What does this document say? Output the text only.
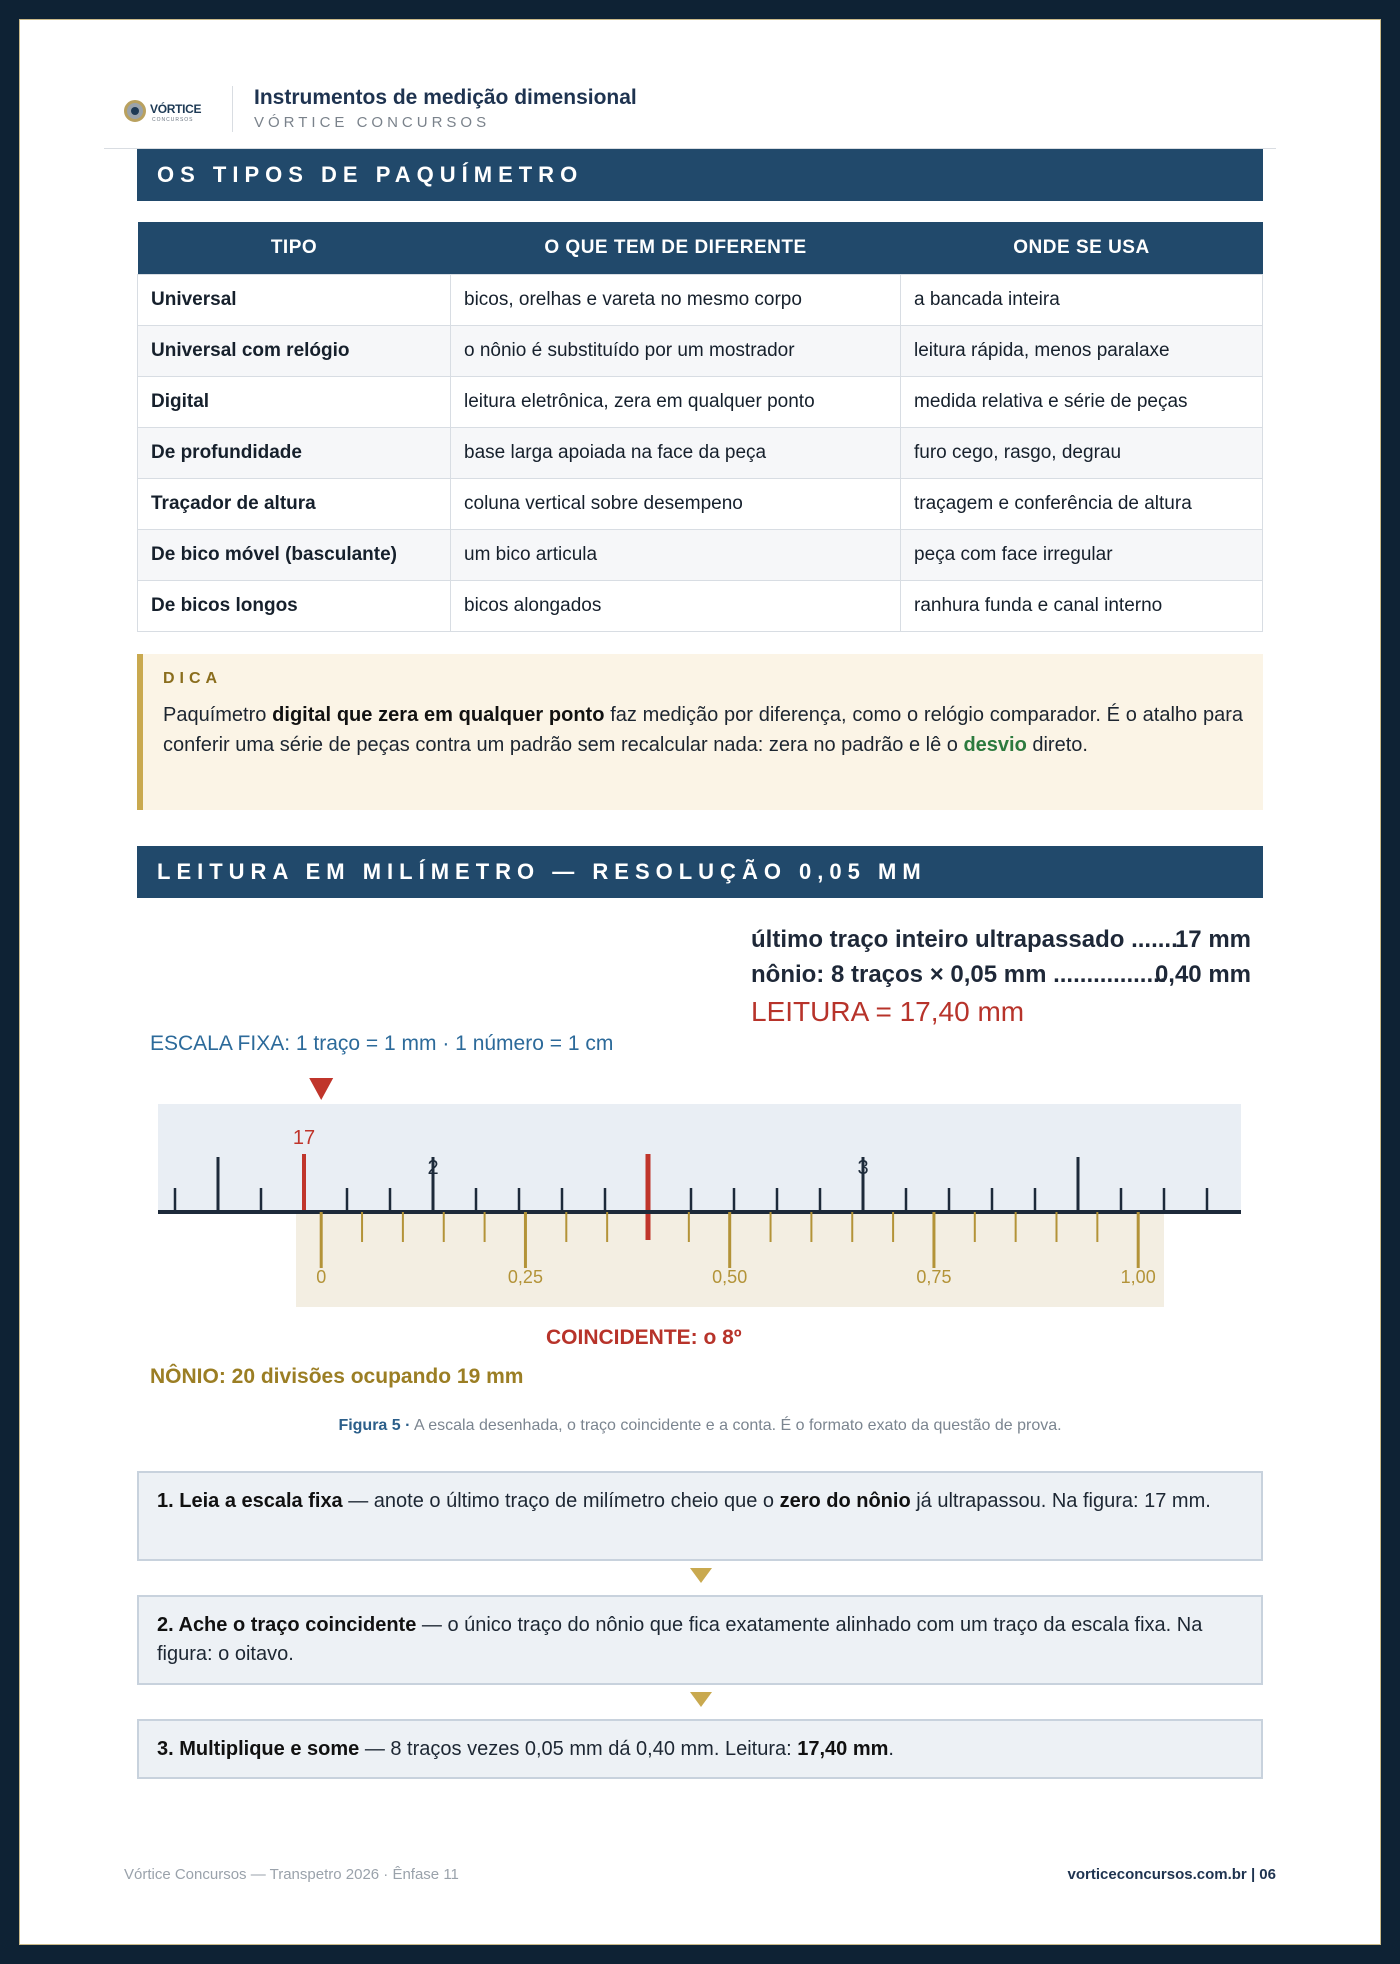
VÓRTICE
CONCURSOS
Instrumentos de medição dimensional
VÓRTICE CONCURSOS
OS TIPOS DE PAQUÍMETRO
TIPO	O QUE TEM DE DIFERENTE	ONDE SE USA
Universal	bicos, orelhas e vareta no mesmo corpo	a bancada inteira
Universal com relógio	o nônio é substituído por um mostrador	leitura rápida, menos paralaxe
Digital	leitura eletrônica, zera em qualquer ponto	medida relativa e série de peças
De profundidade	base larga apoiada na face da peça	furo cego, rasgo, degrau
Traçador de altura	coluna vertical sobre desempeno	traçagem e conferência de altura
De bico móvel (basculante)	um bico articula	peça com face irregular
De bicos longos	bicos alongados	ranhura funda e canal interno
DICA
Paquímetro digital que zera em qualquer ponto faz medição por diferença, como o relógio comparador. É o atalho para conferir uma série de peças contra um padrão sem recalcular nada: zera no padrão e lê o desvio direto.
LEITURA EM MILÍMETRO — RESOLUÇÃO 0,05 MM
último traço inteiro ultrapassado .......
17 mm
nônio: 8 traços × 0,05 mm .................
0,40 mm
LEITURA = 17,40 mm
ESCALA FIXA: 1 traço = 1 mm · 1 número = 1 cm
2	3
17
0	0,25	0,50	0,75	1,00
COINCIDENTE: o 8º
NÔNIO: 20 divisões ocupando 19 mm
Figura 5 · A escala desenhada, o traço coincidente e a conta. É o formato exato da questão de prova.
1. Leia a escala fixa — anote o último traço de milímetro cheio que o zero do nônio já ultrapassou. Na figura: 17 mm.
2. Ache o traço coincidente — o único traço do nônio que fica exatamente alinhado com um traço da escala fixa. Na figura: o oitavo.
3. Multiplique e some — 8 traços vezes 0,05 mm dá 0,40 mm. Leitura: 17,40 mm.
Vórtice Concursos — Transpetro 2026 · Ênfase 11	vorticeconcursos.com.br | 06
